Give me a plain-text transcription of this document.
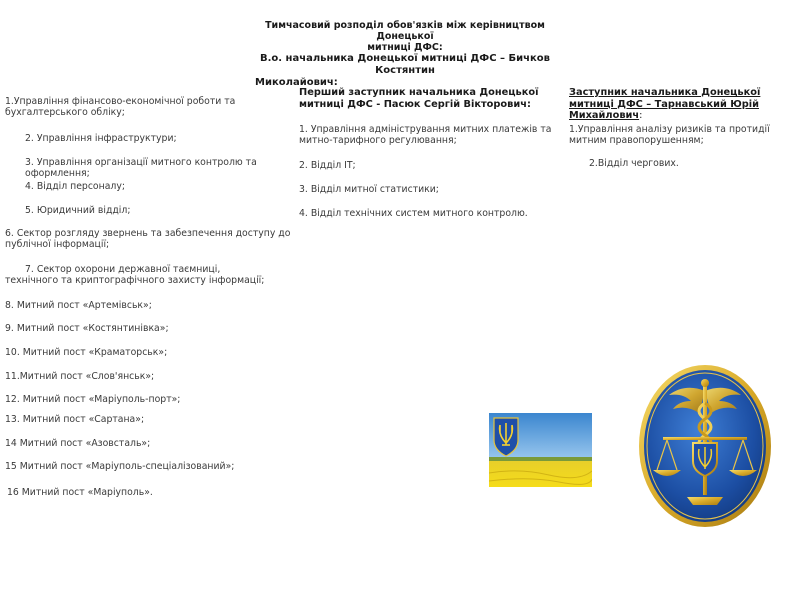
Тимчасовий розподіл обов'язків між керівництвом Донецької
митниці ДФС:
В.о. начальника Донецької митниці ДФС – Бичков Костянтин
Миколайович:
1.Управління фінансово-економічної роботи та бухгалтерського обліку;
2. Управління інфраструктури;
3. Управління організації митного контролю та оформлення;
4. Відділ персоналу;
5. Юридичний відділ;
6. Сектор розгляду звернень та забезпечення доступу до публічної інформації;
7. Сектор охорони державної таємниці, технічного та криптографічного захисту інформації;
8. Митний пост «Артемівськ»;
9. Митний пост «Костянтинівка»;
10. Митний пост «Краматорськ»;
11.Митний пост «Слов'янськ»;
12. Митний пост «Маріуполь-порт»;
13. Митний пост «Сартана»;
14 Митний пост «Азовсталь»;
15 Митний пост «Маріуполь-спеціалізований»;
16 Митний пост «Маріуполь».
Перший заступник начальника Донецької митниці ДФС - Пасюк Сергій Вікторович:
1. Управління адміністрування митних платежів та митно-тарифного регулювання;
2. Відділ ІТ;
3. Відділ митної статистики;
4. Відділ технічних систем митного контролю.
Заступник начальника Донецької митниці ДФС – Тарнавський Юрій Михайлович:
1.Управління аналізу ризиків та протидії митним правопорушенням;
2.Відділ чергових.
